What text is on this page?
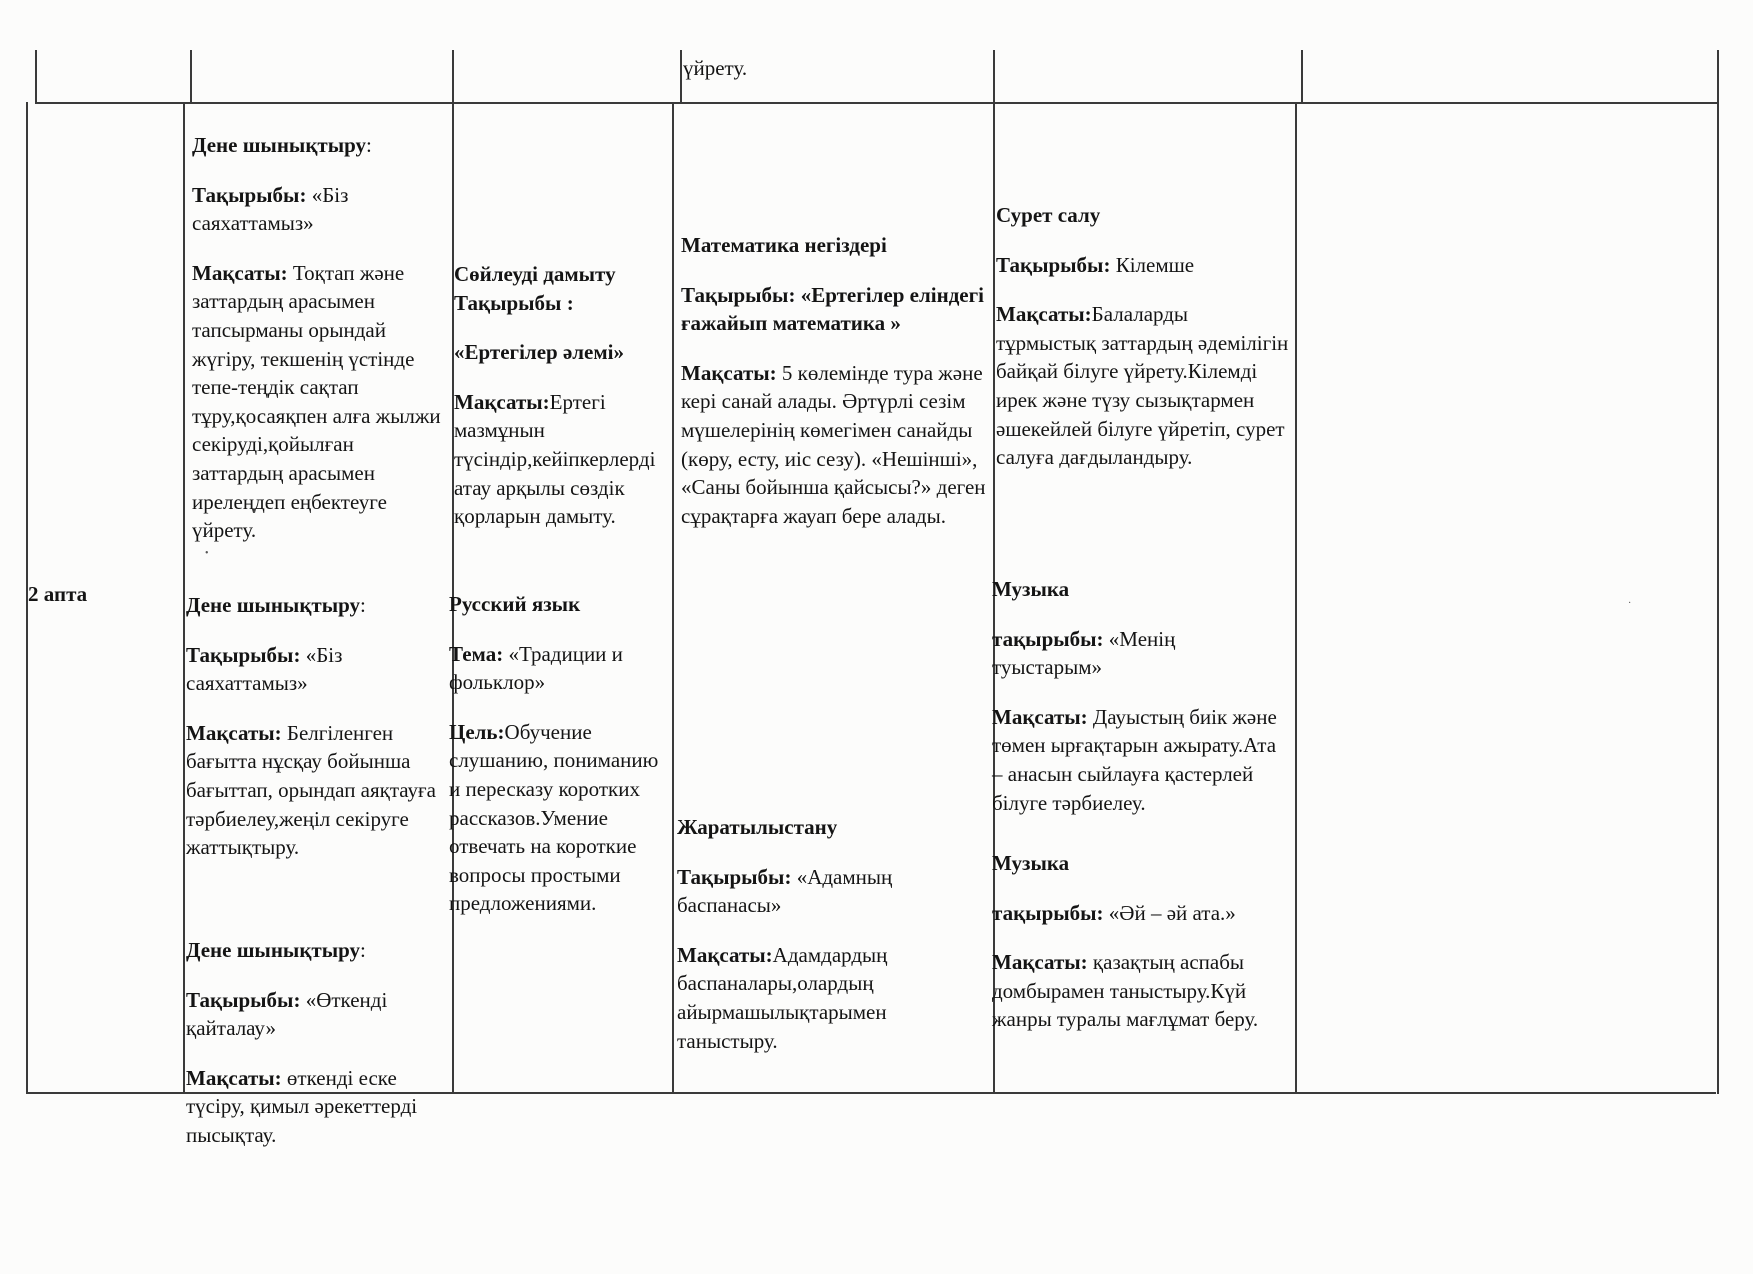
үйрету.
2 апта

Дене шынықтыру:

Тақырыбы: «Біз саяхаттамыз»

Мақсаты: Тоқтап және заттардың арасымен тапсырманы орындай жүгіру, текшенің үстінде тепе-теңдік сақтап тұру,қосаяқпен алға жылжи секіруді,қойылған заттардың арасымен ирелеңдеп еңбектеуге үйрету.

Дене шынықтыру:

Тақырыбы: «Біз саяхаттамыз»

Мақсаты: Белгіленген бағытта нұсқау бойынша бағыттап, орындап аяқтауға тәрбиелеу,жеңіл секіруге жаттықтыру.

Дене шынықтыру:

Тақырыбы: «Өткенді қайталау»

Мақсаты: өткенді еске түсіру, қимыл әрекеттерді пысықтау.

Сөйлеуді дамыту Тақырыбы :

«Ертегілер әлемі»

Мақсаты:Ертегі мазмұнын түсіндір,кейіпкерлерді атау арқылы сөздік қорларын дамыту.

Русский язык

Тема: «Традиции и фольклор»

Цель:Обучение слушанию, пониманию и пересказу коротких рассказов.Умение отвечать на короткие вопросы простыми предложениями.

Математика негіздері

Тақырыбы: «Ертегілер еліндегі ғажайып математика »

Мақсаты: 5 көлемінде тура және кері санай алады. Әртүрлі сезім мүшелерінің көмегімен санайды (көру, есту, иіс сезу). «Нешінші», «Саны бойынша қайсысы?» деген сұрақтарға жауап бере алады.

Жаратылыстану

Тақырыбы: «Адамның баспанасы»

Мақсаты:Адамдардың баспаналары,олардың айырмашылықтарымен таныстыру.

Сурет салу

Тақырыбы: Кілемше

Мақсаты:Балаларды тұрмыстық заттардың әдемілігін байқай білуге үйрету.Кілемді ирек және түзу сызықтармен әшекейлей білуге үйретіп, сурет салуға дағдыландыру.

Музыка

тақырыбы: «Менің туыстарым»

Мақсаты: Дауыстың биік және төмен ырғақтарын ажырату.Ата – анасын сыйлауға қастерлей білуге тәрбиелеу.

Музыка

тақырыбы: «Әй – әй ата.»

Мақсаты: қазақтың аспабы домбырамен таныстыру.Күй жанры туралы мағлұмат беру.

•
·
